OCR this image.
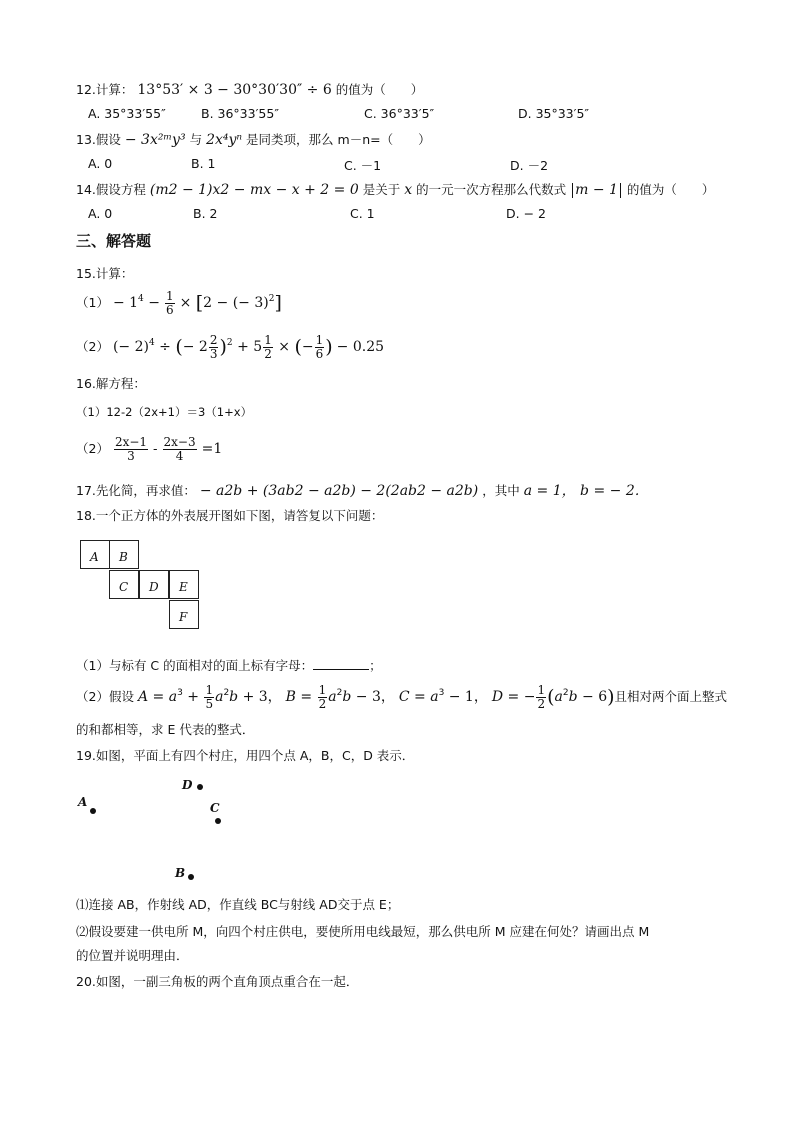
12.计算： 13°53′ × 3 − 30°30′30″ ÷ 6 的值为（　　）
A. 35°33′55″	B. 36°33′55″	C. 36°33′5″	D. 35°33′5″
13.假设 − 3x²ᵐy³ 与 2x⁴yⁿ 是同类项，那么 m－n=（　　）
A. 0	B. 1	C. －1	D. －2
14.假设方程 (m2 − 1)x2 − mx − x + 2 = 0 是关于 x 的一元一次方程那么代数式 m − 1 的值为（　　）
A. 0	B. 2	C. 1	D. − 2
三、解答题
15.计算：
$(1) - 1^4 - \frac{1}{6} \times [2$ − (− 3)$^2$]
（2） (− 2)$^4$ ÷ (− $2 \frac{2}{3} )^2 + 5 \frac{1}{2}$ × (− $\frac{1}{6}$ ) − 0.25
16.解方程：
（1）12-2（2x+1）＝3（1+x）
$(2) \frac{2x-1}{3} - \frac{2x-3}{4} =1$
17.先化简，再求值： − a2b + (3ab2 − a2b) − 2(2ab2 − a2b) ，其中 a = 1， b = − 2．
18.一个正方体的外表展开图如下图，请答复以下问题：
A	B
C	D	E
F
（1）与标有 C 的面相对的面上标有字母：	；
（2）假设 $A = a^3 + \frac{1}{5} a^2b + 3$， $B = \frac{1}{2} a^2b - 3$， $C = a^3 - 1$， D = − $\frac{1}{2} (a^2b - 6)$且相对两个面上整式
的和都相等，求 E 代表的整式．
19.如图，平面上有四个村庄，用四个点 A，B，C，D 表示．
A
B
C
D
⑴连接 AB，作射线 AD，作直线 BC与射线 AD交于点 E；
⑵假设要建一供电所 M，向四个村庄供电，要使所用电线最短，那么供电所 M 应建在何处？请画出点 M
的位置并说明理由．
20.如图，一副三角板的两个直角顶点重合在一起．
